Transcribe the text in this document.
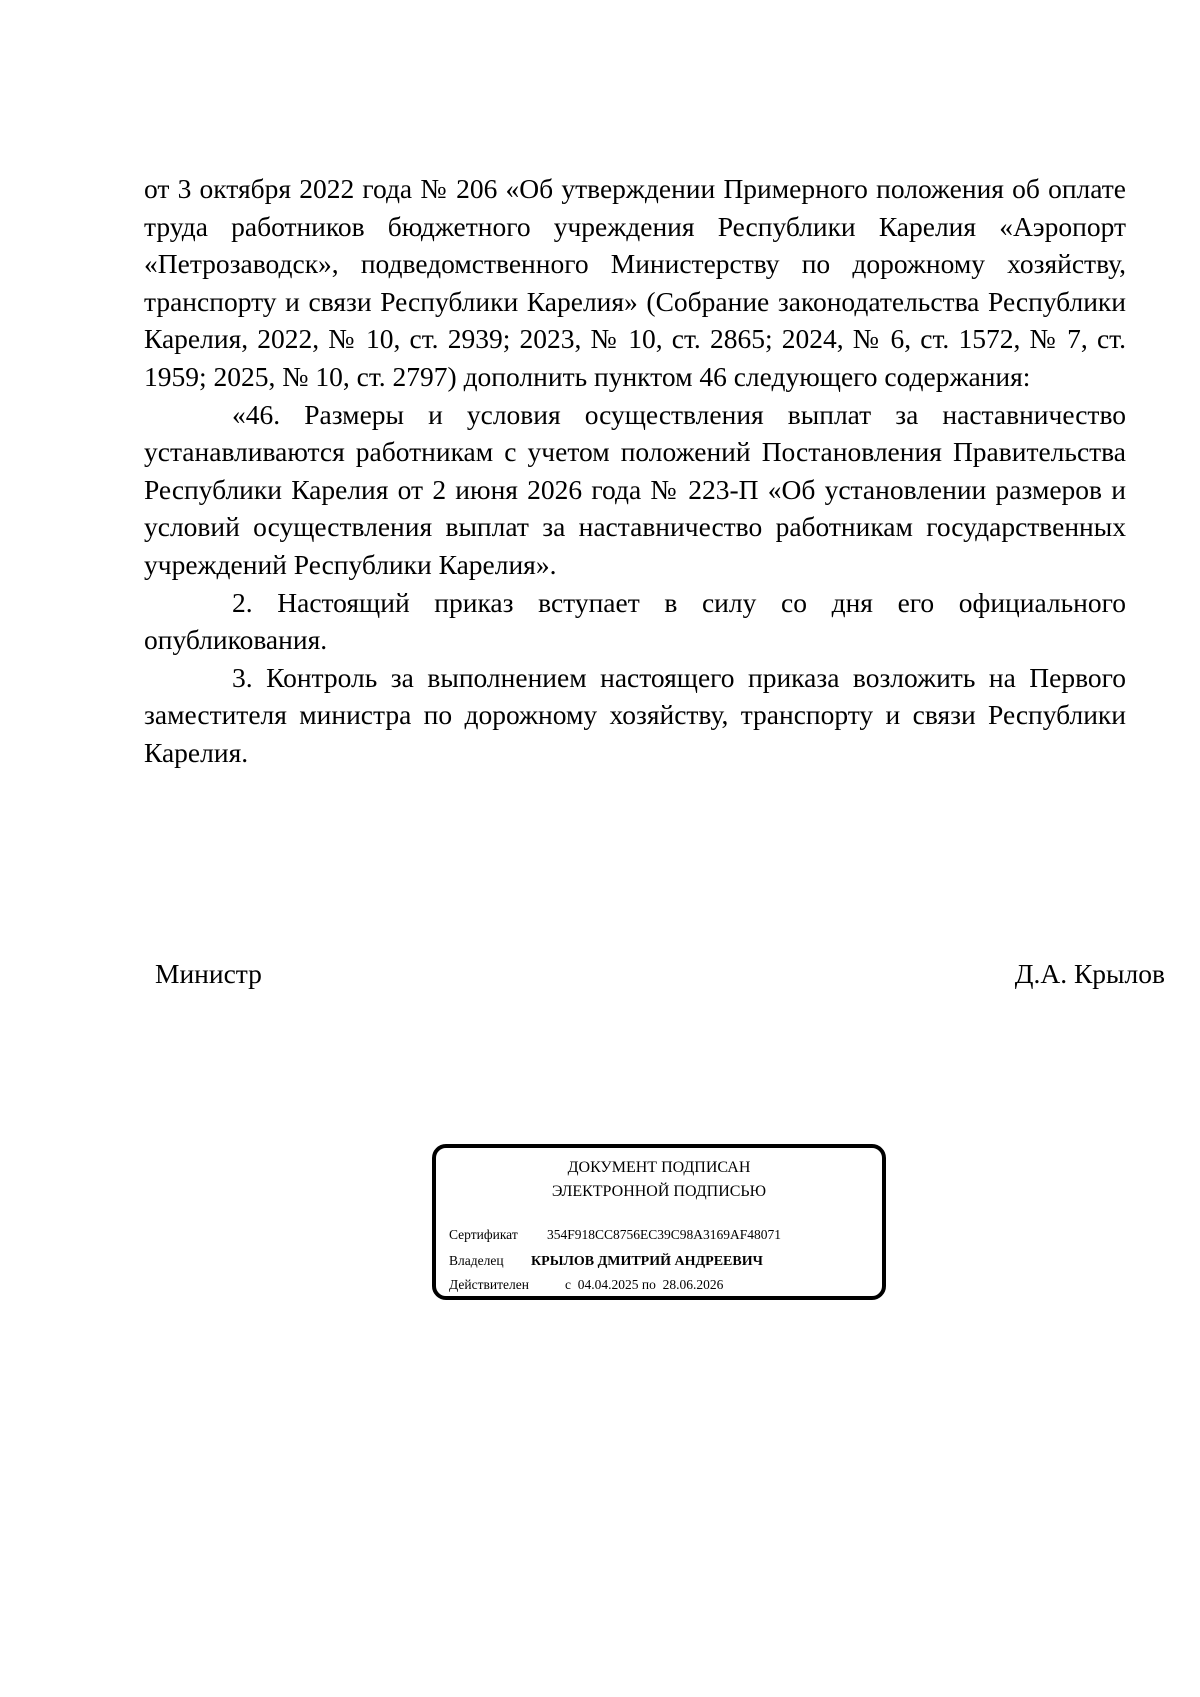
от 3 октября 2022 года № 206 «Об утверждении Примерного положения об оплате труда работников бюджетного учреждения Республики Карелия «Аэропорт «Петрозаводск», подведомственного Министерству по дорожному хозяйству, транспорту и связи Республики Карелия» (Собрание законодательства Республики Карелия, 2022, № 10, ст. 2939; 2023, № 10, ст. 2865; 2024, № 6, ст. 1572, № 7, ст. 1959; 2025, № 10, ст. 2797) дополнить пунктом 46 следующего содержания:

«46. Размеры и условия осуществления выплат за наставничество устанавливаются работникам с учетом положений Постановления Правительства Республики Карелия от 2 июня 2026 года № 223-П «Об установлении размеров и условий осуществления выплат за наставничество работникам государственных учреждений Республики Карелия».

2. Настоящий приказ вступает в силу со дня его официального опубликования.

3. Контроль за выполнением настоящего приказа возложить на Первого заместителя министра по дорожному хозяйству, транспорту и связи Республики Карелия.

Министр	Д.А. Крылов
ДОКУМЕНТ ПОДПИСАН
ЭЛЕКТРОННОЙ ПОДПИСЬЮ
Сертификат 354F918CC8756EC39C98A3169AF48071
Владелец КРЫЛОВ ДМИТРИЙ АНДРЕЕВИЧ
Действителен	с  04.04.2025 по  28.06.2026
